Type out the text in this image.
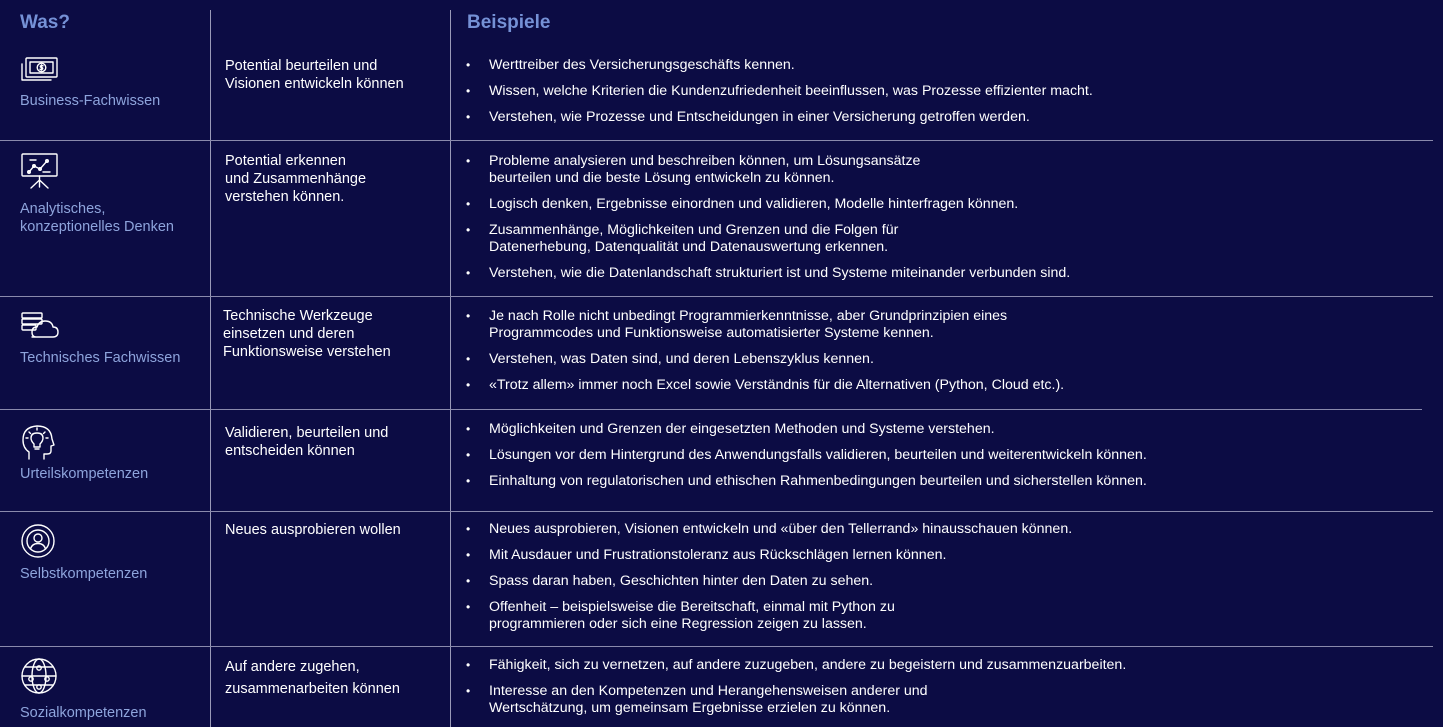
Was?	Beispiele
Business-Fachwissen
Potential beurteilen und
Visionen entwickeln können
• Werttreiber des Versicherungsgeschäfts kennen.
• Wissen, welche Kriterien die Kundenzufriedenheit beeinflussen, was Prozesse effizienter macht.
• Verstehen, wie Prozesse und Entscheidungen in einer Versicherung getroffen werden.
Analytisches,
konzeptionelles Denken
Potential erkennen
und Zusammenhänge
verstehen können.
• Probleme analysieren und beschreiben können, um Lösungsansätze
beurteilen und die beste Lösung entwickeln zu können.
• Logisch denken, Ergebnisse einordnen und validieren, Modelle hinterfragen können.
• Zusammenhänge, Möglichkeiten und Grenzen und die Folgen für
Datenerhebung, Datenqualität und Datenauswertung erkennen.
• Verstehen, wie die Datenlandschaft strukturiert ist und Systeme miteinander verbunden sind.
Technisches Fachwissen
Technische Werkzeuge
einsetzen und deren
Funktionsweise verstehen
• Je nach Rolle nicht unbedingt Programmierkenntnisse, aber Grundprinzipien eines
Programmcodes und Funktionsweise automatisierter Systeme kennen.
• Verstehen, was Daten sind, und deren Lebenszyklus kennen.
• «Trotz allem» immer noch Excel sowie Verständnis für die Alternativen (Python, Cloud etc.).
Urteilskompetenzen
Validieren, beurteilen und
entscheiden können
• Möglichkeiten und Grenzen der eingesetzten Methoden und Systeme verstehen.
• Lösungen vor dem Hintergrund des Anwendungsfalls validieren, beurteilen und weiterentwickeln können.
• Einhaltung von regulatorischen und ethischen Rahmenbedingungen beurteilen und sicherstellen können.
Selbstkompetenzen
Neues ausprobieren wollen
•	Neues ausprobieren, Visionen entwickeln und «über den Tellerrand» hinausschauen können.
• Mit Ausdauer und Frustrationstoleranz aus Rückschlägen lernen können.
• Spass daran haben, Geschichten hinter den Daten zu sehen.
• Offenheit – beispielsweise die Bereitschaft, einmal mit Python zu
programmieren oder sich eine Regression zeigen zu lassen.
Sozialkompetenzen
Auf andere zugehen,
zusammenarbeiten können
• Fähigkeit, sich zu vernetzen, auf andere zuzugeben, andere zu begeistern und zusammenzuarbeiten.
• Interesse an den Kompetenzen und Herangehensweisen anderer und
Wertschätzung, um gemeinsam Ergebnisse erzielen zu können.
